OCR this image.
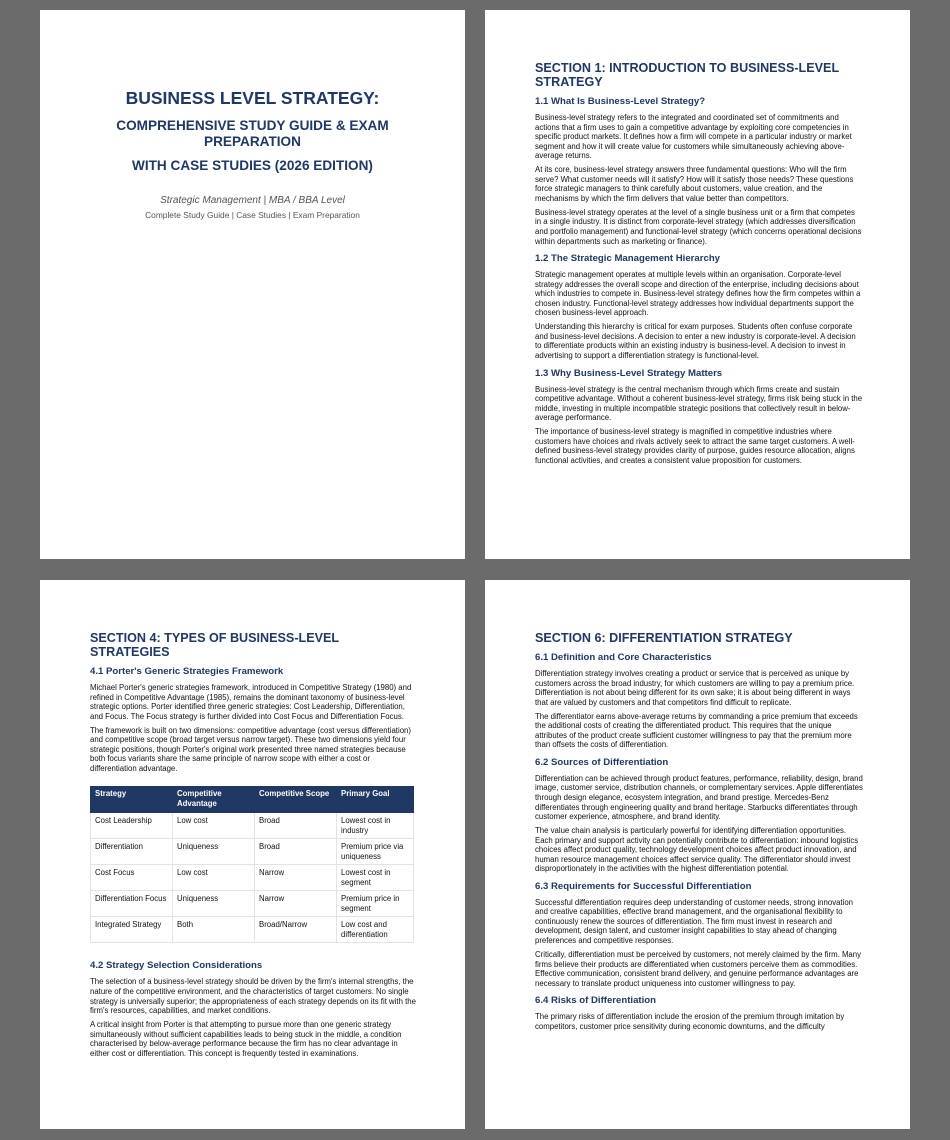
BUSINESS LEVEL STRATEGY:
COMPREHENSIVE STUDY GUIDE & EXAM PREPARATION
WITH CASE STUDIES (2026 EDITION)
Strategic Management | MBA / BBA Level
Complete Study Guide | Case Studies | Exam Preparation
SECTION 1: INTRODUCTION TO BUSINESS-LEVEL STRATEGY
1.1 What Is Business-Level Strategy?

Business-level strategy refers to the integrated and coordinated set of commitments and actions that a firm uses to gain a competitive advantage by exploiting core competencies in specific product markets. It defines how a firm will compete in a particular industry or market segment and how it will create value for customers while simultaneously achieving above-average returns.

At its core, business-level strategy answers three fundamental questions: Who will the firm serve? What customer needs will it satisfy? How will it satisfy those needs? These questions force strategic managers to think carefully about customers, value creation, and the mechanisms by which the firm delivers that value better than competitors.

Business-level strategy operates at the level of a single business unit or a firm that competes in a single industry. It is distinct from corporate-level strategy (which addresses diversification and portfolio management) and functional-level strategy (which concerns operational decisions within departments such as marketing or finance).

1.2 The Strategic Management Hierarchy

Strategic management operates at multiple levels within an organisation. Corporate-level strategy addresses the overall scope and direction of the enterprise, including decisions about which industries to compete in. Business-level strategy defines how the firm competes within a chosen industry. Functional-level strategy addresses how individual departments support the chosen business-level approach.

Understanding this hierarchy is critical for exam purposes. Students often confuse corporate and business-level decisions. A decision to enter a new industry is corporate-level. A decision to differentiate products within an existing industry is business-level. A decision to invest in advertising to support a differentiation strategy is functional-level.

1.3 Why Business-Level Strategy Matters

Business-level strategy is the central mechanism through which firms create and sustain competitive advantage. Without a coherent business-level strategy, firms risk being stuck in the middle, investing in multiple incompatible strategic positions that collectively result in below-average performance.

The importance of business-level strategy is magnified in competitive industries where customers have choices and rivals actively seek to attract the same target customers. A well-defined business-level strategy provides clarity of purpose, guides resource allocation, aligns functional activities, and creates a consistent value proposition for customers.

SECTION 4: TYPES OF BUSINESS-LEVEL STRATEGIES
4.1 Porter's Generic Strategies Framework

Michael Porter's generic strategies framework, introduced in Competitive Strategy (1980) and refined in Competitive Advantage (1985), remains the dominant taxonomy of business-level strategic options. Porter identified three generic strategies: Cost Leadership, Differentiation, and Focus. The Focus strategy is further divided into Cost Focus and Differentiation Focus.

The framework is built on two dimensions: competitive advantage (cost versus differentiation) and competitive scope (broad target versus narrow target). These two dimensions yield four strategic positions, though Porter's original work presented three named strategies because both focus variants share the same principle of narrow scope with either a cost or differentiation advantage.

Strategy	Competitive Advantage	Competitive Scope	Primary Goal
Cost Leadership	Low cost	Broad	Lowest cost in industry
Differentiation	Uniqueness	Broad	Premium price via uniqueness
Cost Focus	Low cost	Narrow	Lowest cost in segment
Differentiation Focus	Uniqueness	Narrow	Premium price in segment
Integrated Strategy	Both	Broad/Narrow	Low cost and differentiation
4.2 Strategy Selection Considerations

The selection of a business-level strategy should be driven by the firm's internal strengths, the nature of the competitive environment, and the characteristics of target customers. No single strategy is universally superior; the appropriateness of each strategy depends on its fit with the firm's resources, capabilities, and market conditions.

A critical insight from Porter is that attempting to pursue more than one generic strategy simultaneously without sufficient capabilities leads to being stuck in the middle, a condition characterised by below-average performance because the firm has no clear advantage in either cost or differentiation. This concept is frequently tested in examinations.

SECTION 6: DIFFERENTIATION STRATEGY
6.1 Definition and Core Characteristics

Differentiation strategy involves creating a product or service that is perceived as unique by customers across the broad industry, for which customers are willing to pay a premium price. Differentiation is not about being different for its own sake; it is about being different in ways that are valued by customers and that competitors find difficult to replicate.

The differentiator earns above-average returns by commanding a price premium that exceeds the additional costs of creating the differentiated product. This requires that the unique attributes of the product create sufficient customer willingness to pay that the premium more than offsets the costs of differentiation.

6.2 Sources of Differentiation

Differentiation can be achieved through product features, performance, reliability, design, brand image, customer service, distribution channels, or complementary services. Apple differentiates through design elegance, ecosystem integration, and brand prestige. Mercedes-Benz differentiates through engineering quality and brand heritage. Starbucks differentiates through customer experience, atmosphere, and brand identity.

The value chain analysis is particularly powerful for identifying differentiation opportunities. Each primary and support activity can potentially contribute to differentiation: inbound logistics choices affect product quality, technology development choices affect product innovation, and human resource management choices affect service quality. The differentiator should invest disproportionately in the activities with the highest differentiation potential.

6.3 Requirements for Successful Differentiation

Successful differentiation requires deep understanding of customer needs, strong innovation and creative capabilities, effective brand management, and the organisational flexibility to continuously renew the sources of differentiation. The firm must invest in research and development, design talent, and customer insight capabilities to stay ahead of changing preferences and competitive responses.

Critically, differentiation must be perceived by customers, not merely claimed by the firm. Many firms believe their products are differentiated when customers perceive them as commodities. Effective communication, consistent brand delivery, and genuine performance advantages are necessary to translate product uniqueness into customer willingness to pay.

6.4 Risks of Differentiation

The primary risks of differentiation include the erosion of the premium through imitation by competitors, customer price sensitivity during economic downturns, and the difficulty
